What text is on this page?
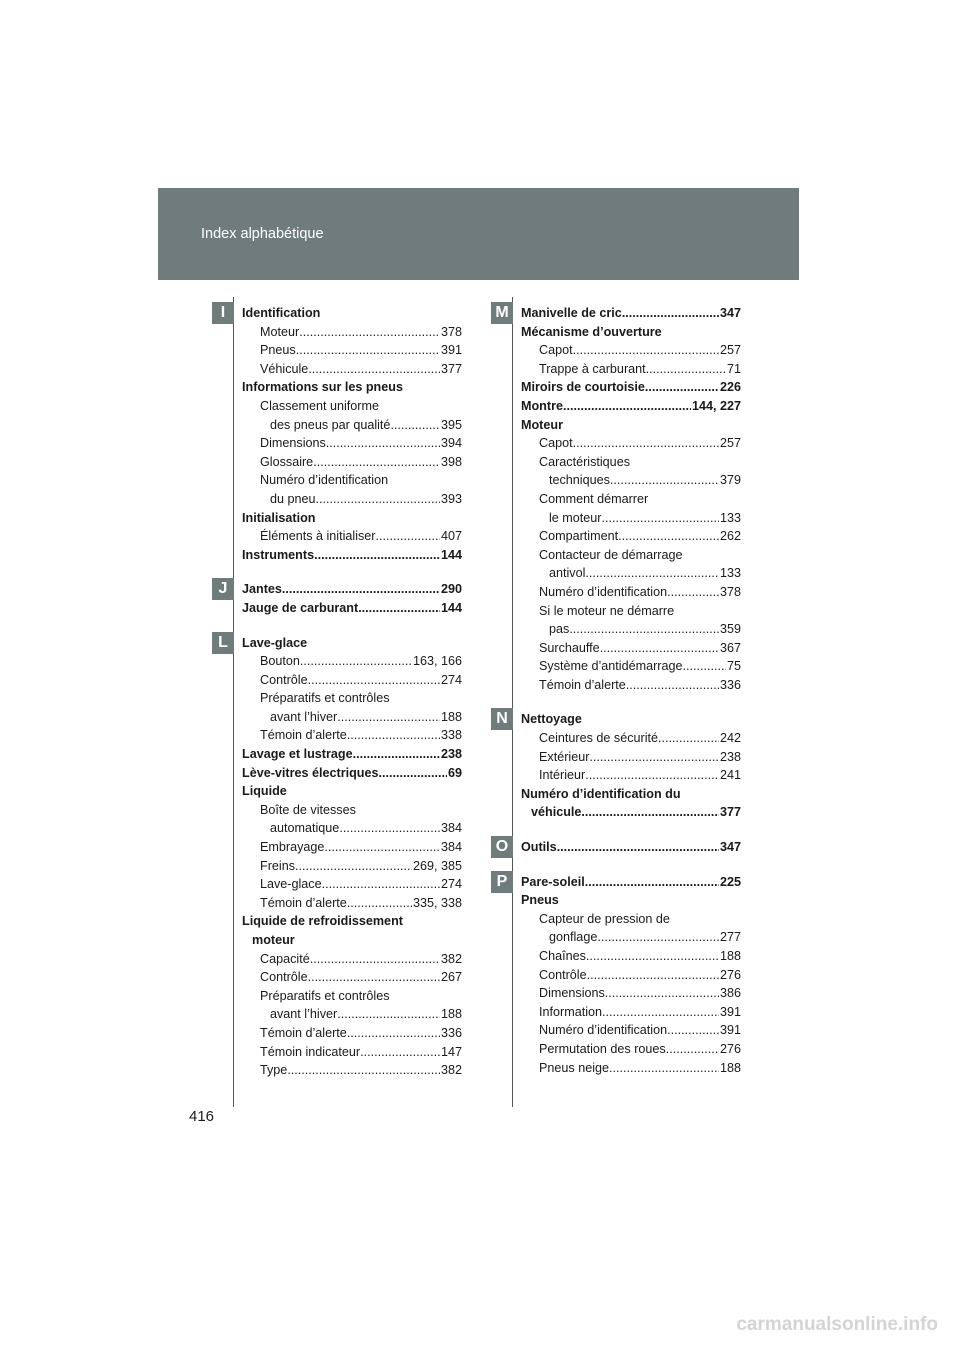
Index alphabétique
I	Identification
Moteur .....	378
Pneus .....	391
Véhicule .....	377
Informations sur les pneus
Classement uniforme
des pneus par qualité .....	395
Dimensions .....	394
Glossaire .....	398
Numéro d’identification
du pneu .....	393
Initialisation
Éléments à initialiser .....	407
Instruments .....	144
J	Jantes .....	290
Jauge de carburant .....	144
L	Lave-glace
Bouton .....	163, 166
Contrôle .....	274
Préparatifs et contrôles
avant l’hiver .....	188
Témoin d’alerte .....	338
Lavage et lustrage .....	238
Lève-vitres électriques .....	69
Liquide
Boîte de vitesses
automatique .....	384
Embrayage .....	384
Freins .....	269, 385
Lave-glace .....	274
Témoin d’alerte .....	335, 338
Liquide de refroidissement
moteur
Capacité .....	382
Contrôle .....	267
Préparatifs et contrôles
avant l’hiver .....	188
Témoin d’alerte .....	336
Témoin indicateur .....	147
Type .....	382
M Manivelle de cric .....	347
Mécanisme d’ouverture
Capot .....	257
Trappe à carburant .....	71
Miroirs de courtoisie .....	226
Montre .....	144, 227
Moteur
Capot .....	257
Caractéristiques
techniques .....	379
Comment démarrer
le moteur .....	133
Compartiment .....	262
Contacteur de démarrage
antivol .....	133
Numéro d’identification .....	378
Si le moteur ne démarre
pas .....	359
Surchauffe .....	367
Système d’antidémarrage .....	75
Témoin d’alerte .....	336
N	Nettoyage
Ceintures de sécurité .....	242
Extérieur .....	238
Intérieur .....	241
Numéro d’identification du
véhicule .....	377
O	Outils .....	347
P	Pare-soleil .....	225
Pneus
Capteur de pression de
gonflage .....	277
Chaînes .....	188
Contrôle .....	276
Dimensions .....	386
Information .....	391
Numéro d’identification .....	391
Permutation des roues .....	276
Pneus neige .....	188
416
carmanualsonline.info
